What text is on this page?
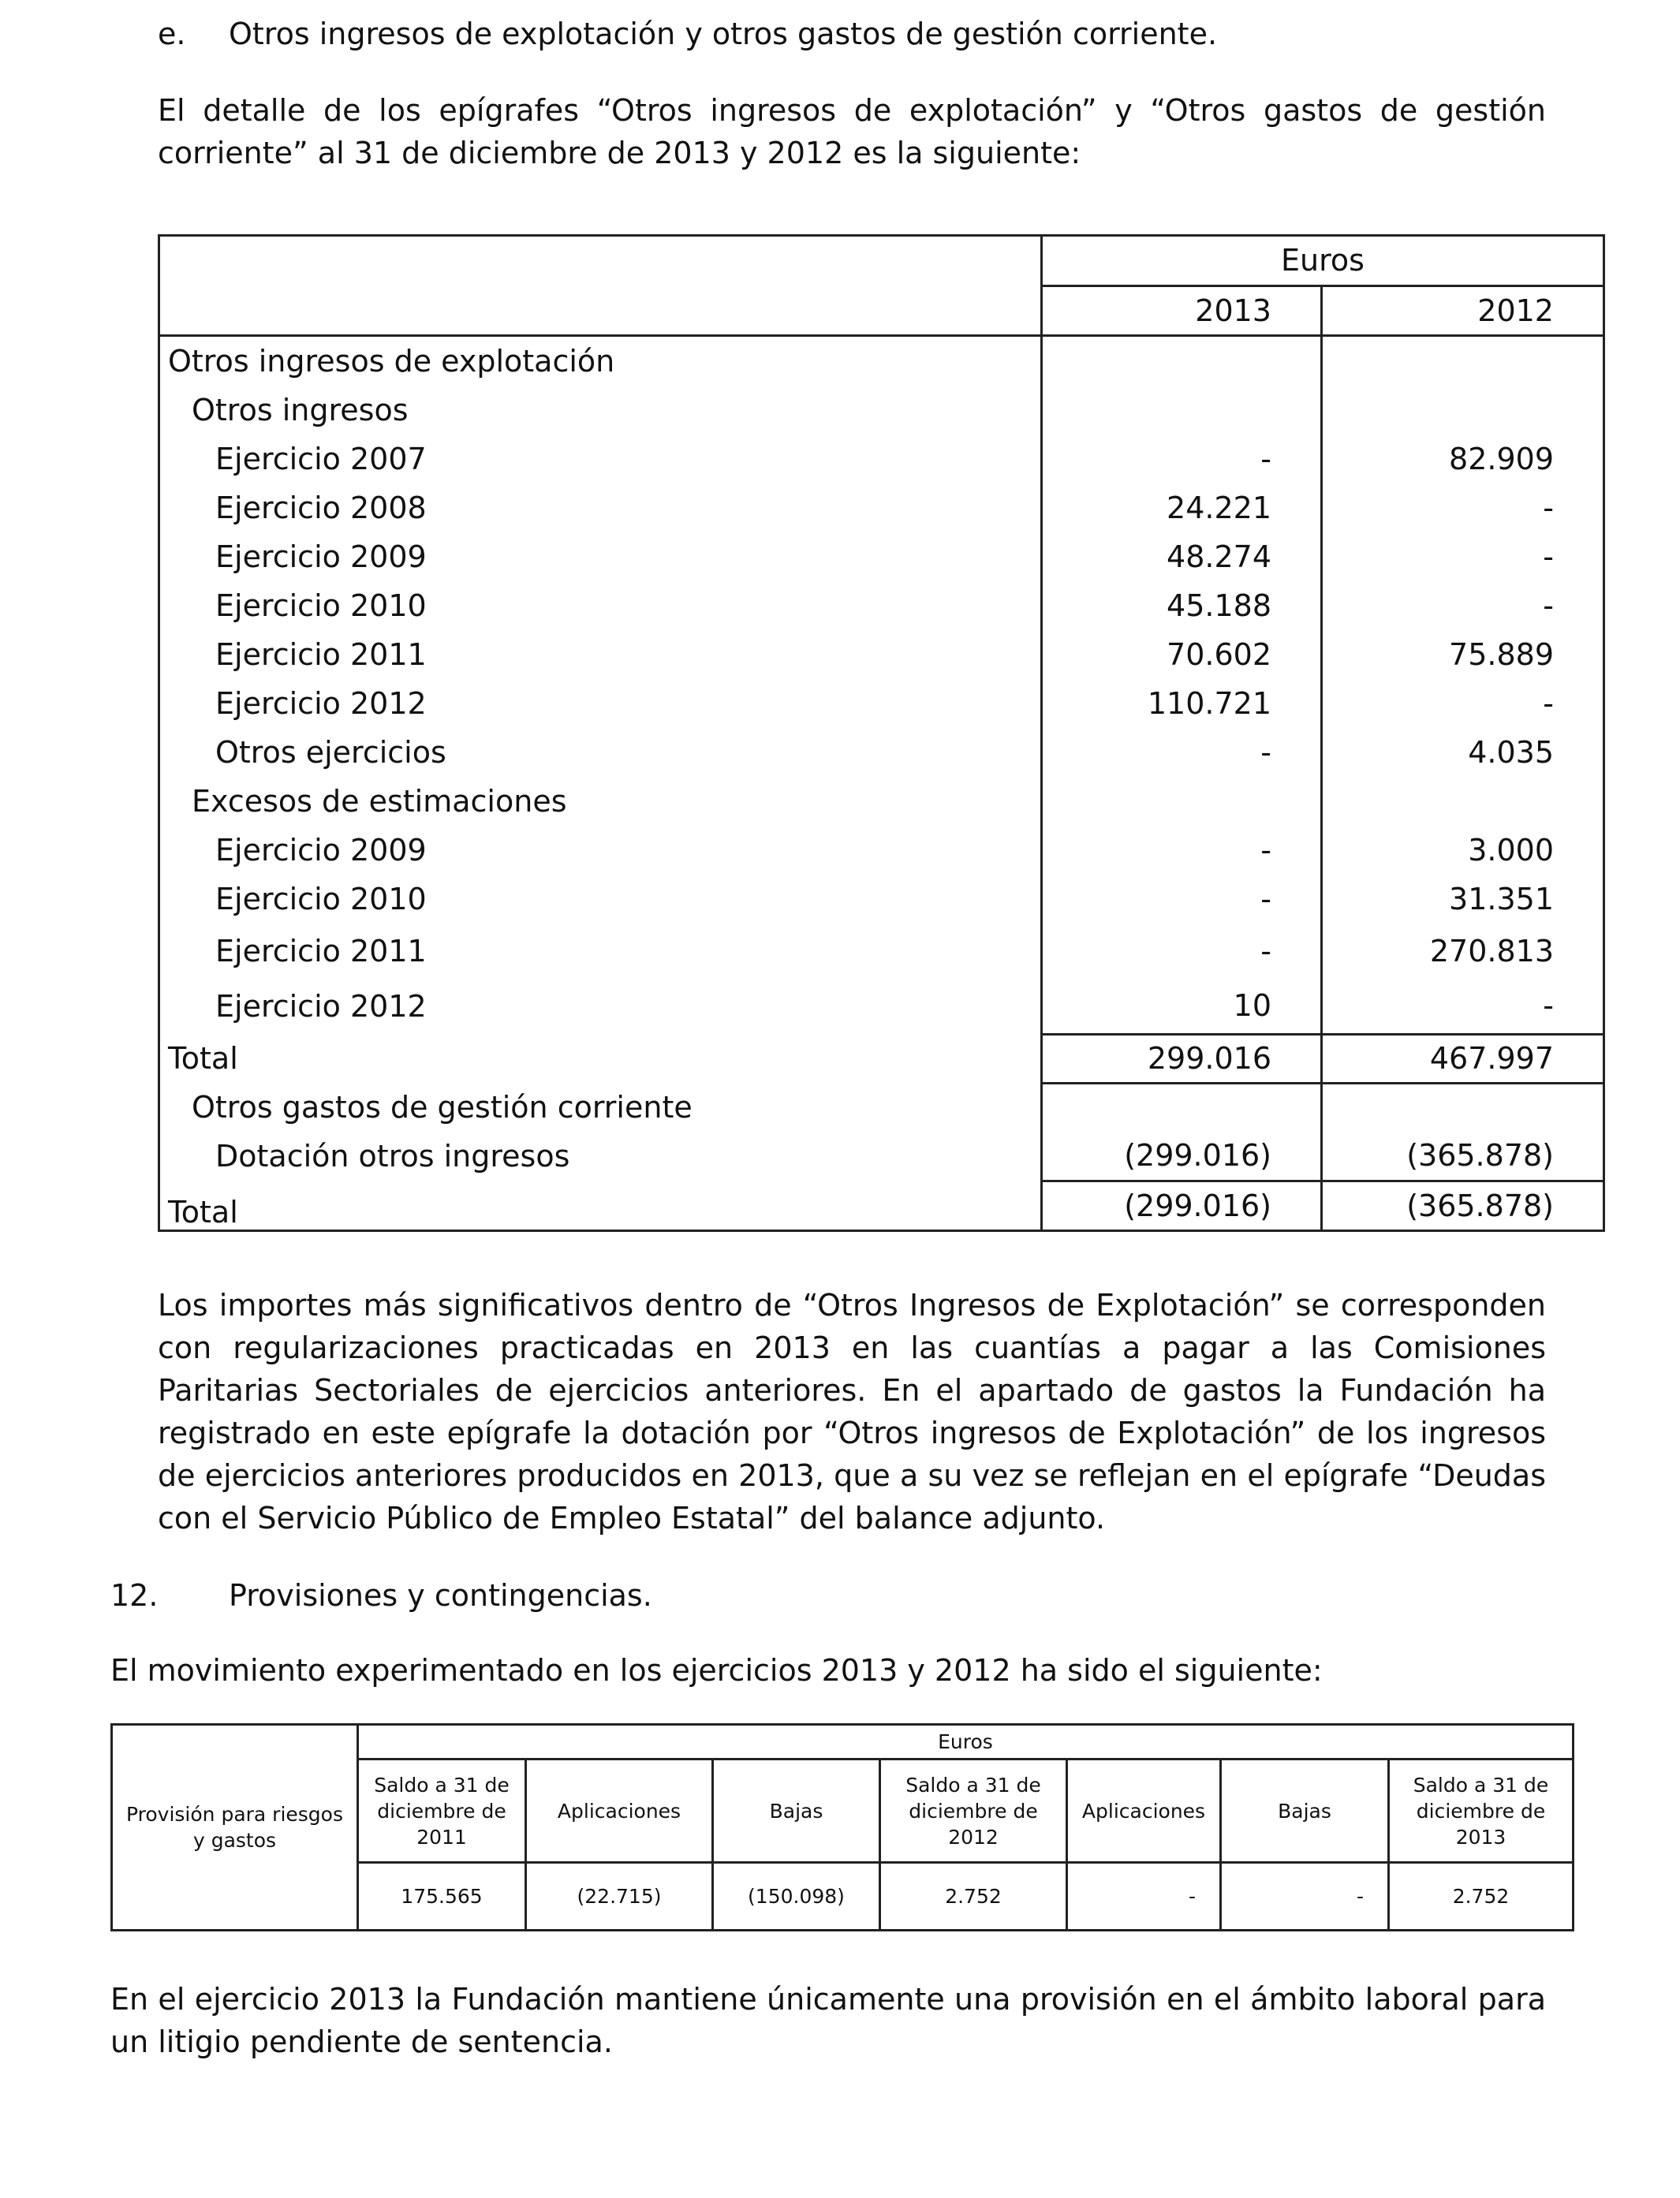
e. Otros ingresos de explotación y otros gastos de gestión corriente.
El detalle de los epígrafes “Otros ingresos de explotación” y “Otros gastos de gestión corriente” al 31 de diciembre de 2013 y 2012 es la siguiente:
	Euros	
	2013	2012
Otros ingresos de explotación		
Otros ingresos		
Ejercicio 2007	-	82.909
Ejercicio 2008	24.221	-
Ejercicio 2009	48.274	-
Ejercicio 2010	45.188	-
Ejercicio 2011	70.602	75.889
Ejercicio 2012	110.721	-
Otros ejercicios	-	4.035
Excesos de estimaciones		
Ejercicio 2009	-	3.000
Ejercicio 2010	-	31.351
Ejercicio 2011	-	270.813
Ejercicio 2012	10	-
Total	299.016	467.997
Otros gastos de gestión corriente		
Dotación otros ingresos	(299.016)	(365.878)
Total	(299.016)	(365.878)
Los importes más significativos dentro de “Otros Ingresos de Explotación” se corresponden con regularizaciones practicadas en 2013 en las cuantías a pagar a las Comisiones Paritarias Sectoriales de ejercicios anteriores. En el apartado de gastos la Fundación ha registrado en este epígrafe la dotación por “Otros ingresos de Explotación” de los ingresos de ejercicios anteriores producidos en 2013, que a su vez se reflejan en el epígrafe “Deudas con el Servicio Público de Empleo Estatal” del balance adjunto.
12. Provisiones y contingencias.
El movimiento experimentado en los ejercicios 2013 y 2012 ha sido el siguiente:
Provisión para riesgos y gastos	Euros						
	Saldo a 31 de diciembre de 2011	Aplicaciones	Bajas	Saldo a 31 de diciembre de 2012	Aplicaciones	Bajas	Saldo a 31 de diciembre de 2013
	175.565	(22.715)	(150.098)	2.752	-	-	2.752
En el ejercicio 2013 la Fundación mantiene únicamente una provisión en el ámbito laboral para un litigio pendiente de sentencia.
